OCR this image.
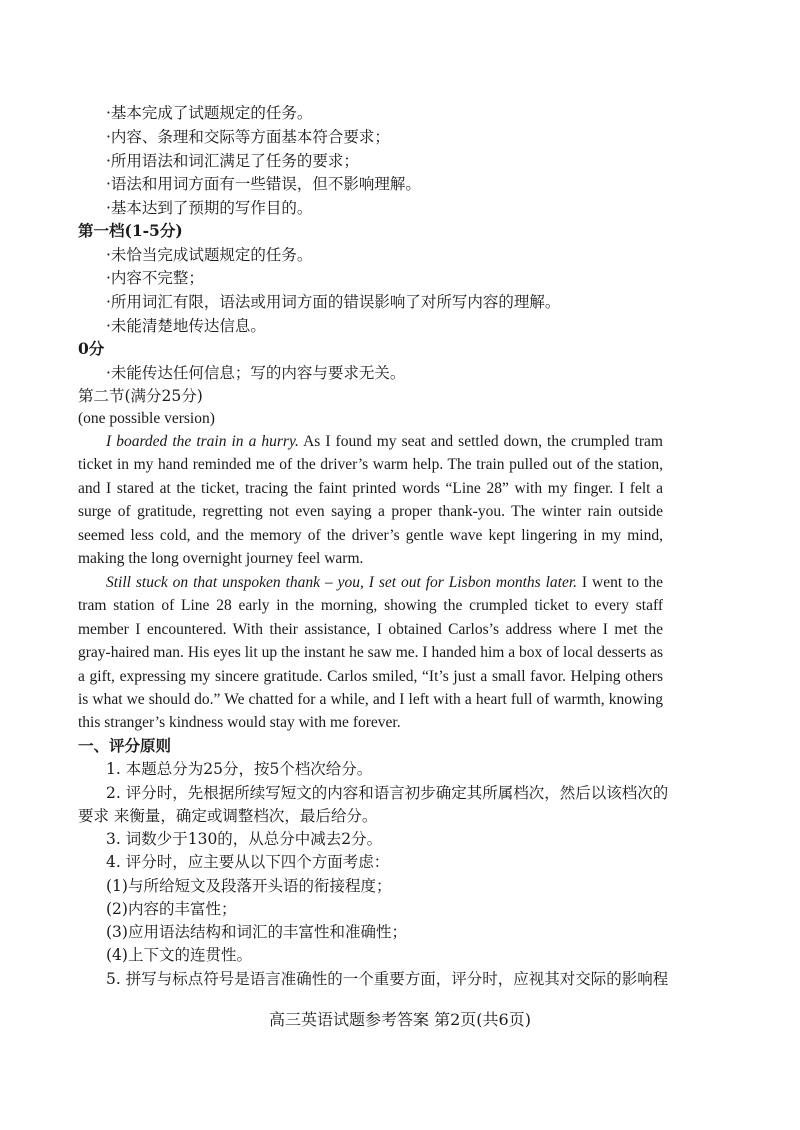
·基本完成了试题规定的任务。
·内容、条理和交际等方面基本符合要求；
·所用语法和词汇满足了任务的要求；
·语法和用词方面有一些错误，但不影响理解。
·基本达到了预期的写作目的。
第一档(1-5分)
·未恰当完成试题规定的任务。
·内容不完整；
·所用词汇有限，语法或用词方面的错误影响了对所写内容的理解。
·未能清楚地传达信息。
0分
·未能传达任何信息；写的内容与要求无关。
第二节(满分25分)
(one possible version)
I boarded the train in a hurry. As I found my seat and settled down, the crumpled tram ticket in my hand reminded me of the driver’s warm help. The train pulled out of the station, and I stared at the ticket, tracing the faint printed words “Line 28” with my finger. I felt a surge of gratitude, regretting not even saying a proper thank-you. The winter rain outside seemed less cold, and the memory of the driver’s gentle wave kept lingering in my mind, making the long overnight journey feel warm.
Still stuck on that unspoken thank – you, I set out for Lisbon months later. I went to the tram station of Line 28 early in the morning, showing the crumpled ticket to every staff member I encountered. With their assistance, I obtained Carlos’s address where I met the gray-haired man. His eyes lit up the instant he saw me. I handed him a box of local desserts as a gift, expressing my sincere gratitude. Carlos smiled, “It’s just a small favor. Helping others is what we should do.” We chatted for a while, and I left with a heart full of warmth, knowing this stranger’s kindness would stay with me forever.
一、评分原则
1. 本题总分为25分，按5个档次给分。
2. 评分时，先根据所续写短文的内容和语言初步确定其所属档次，然后以该档次的
要求 来衡量，确定或调整档次，最后给分。
3. 词数少于130的，从总分中减去2分。
4. 评分时，应主要从以下四个方面考虑：
(1)与所给短文及段落开头语的衔接程度；
(2)内容的丰富性；
(3)应用语法结构和词汇的丰富性和准确性；
(4)上下文的连贯性。
5. 拼写与标点符号是语言准确性的一个重要方面，评分时，应视其对交际的影响程
高三英语试题参考答案 第2页(共6页)
